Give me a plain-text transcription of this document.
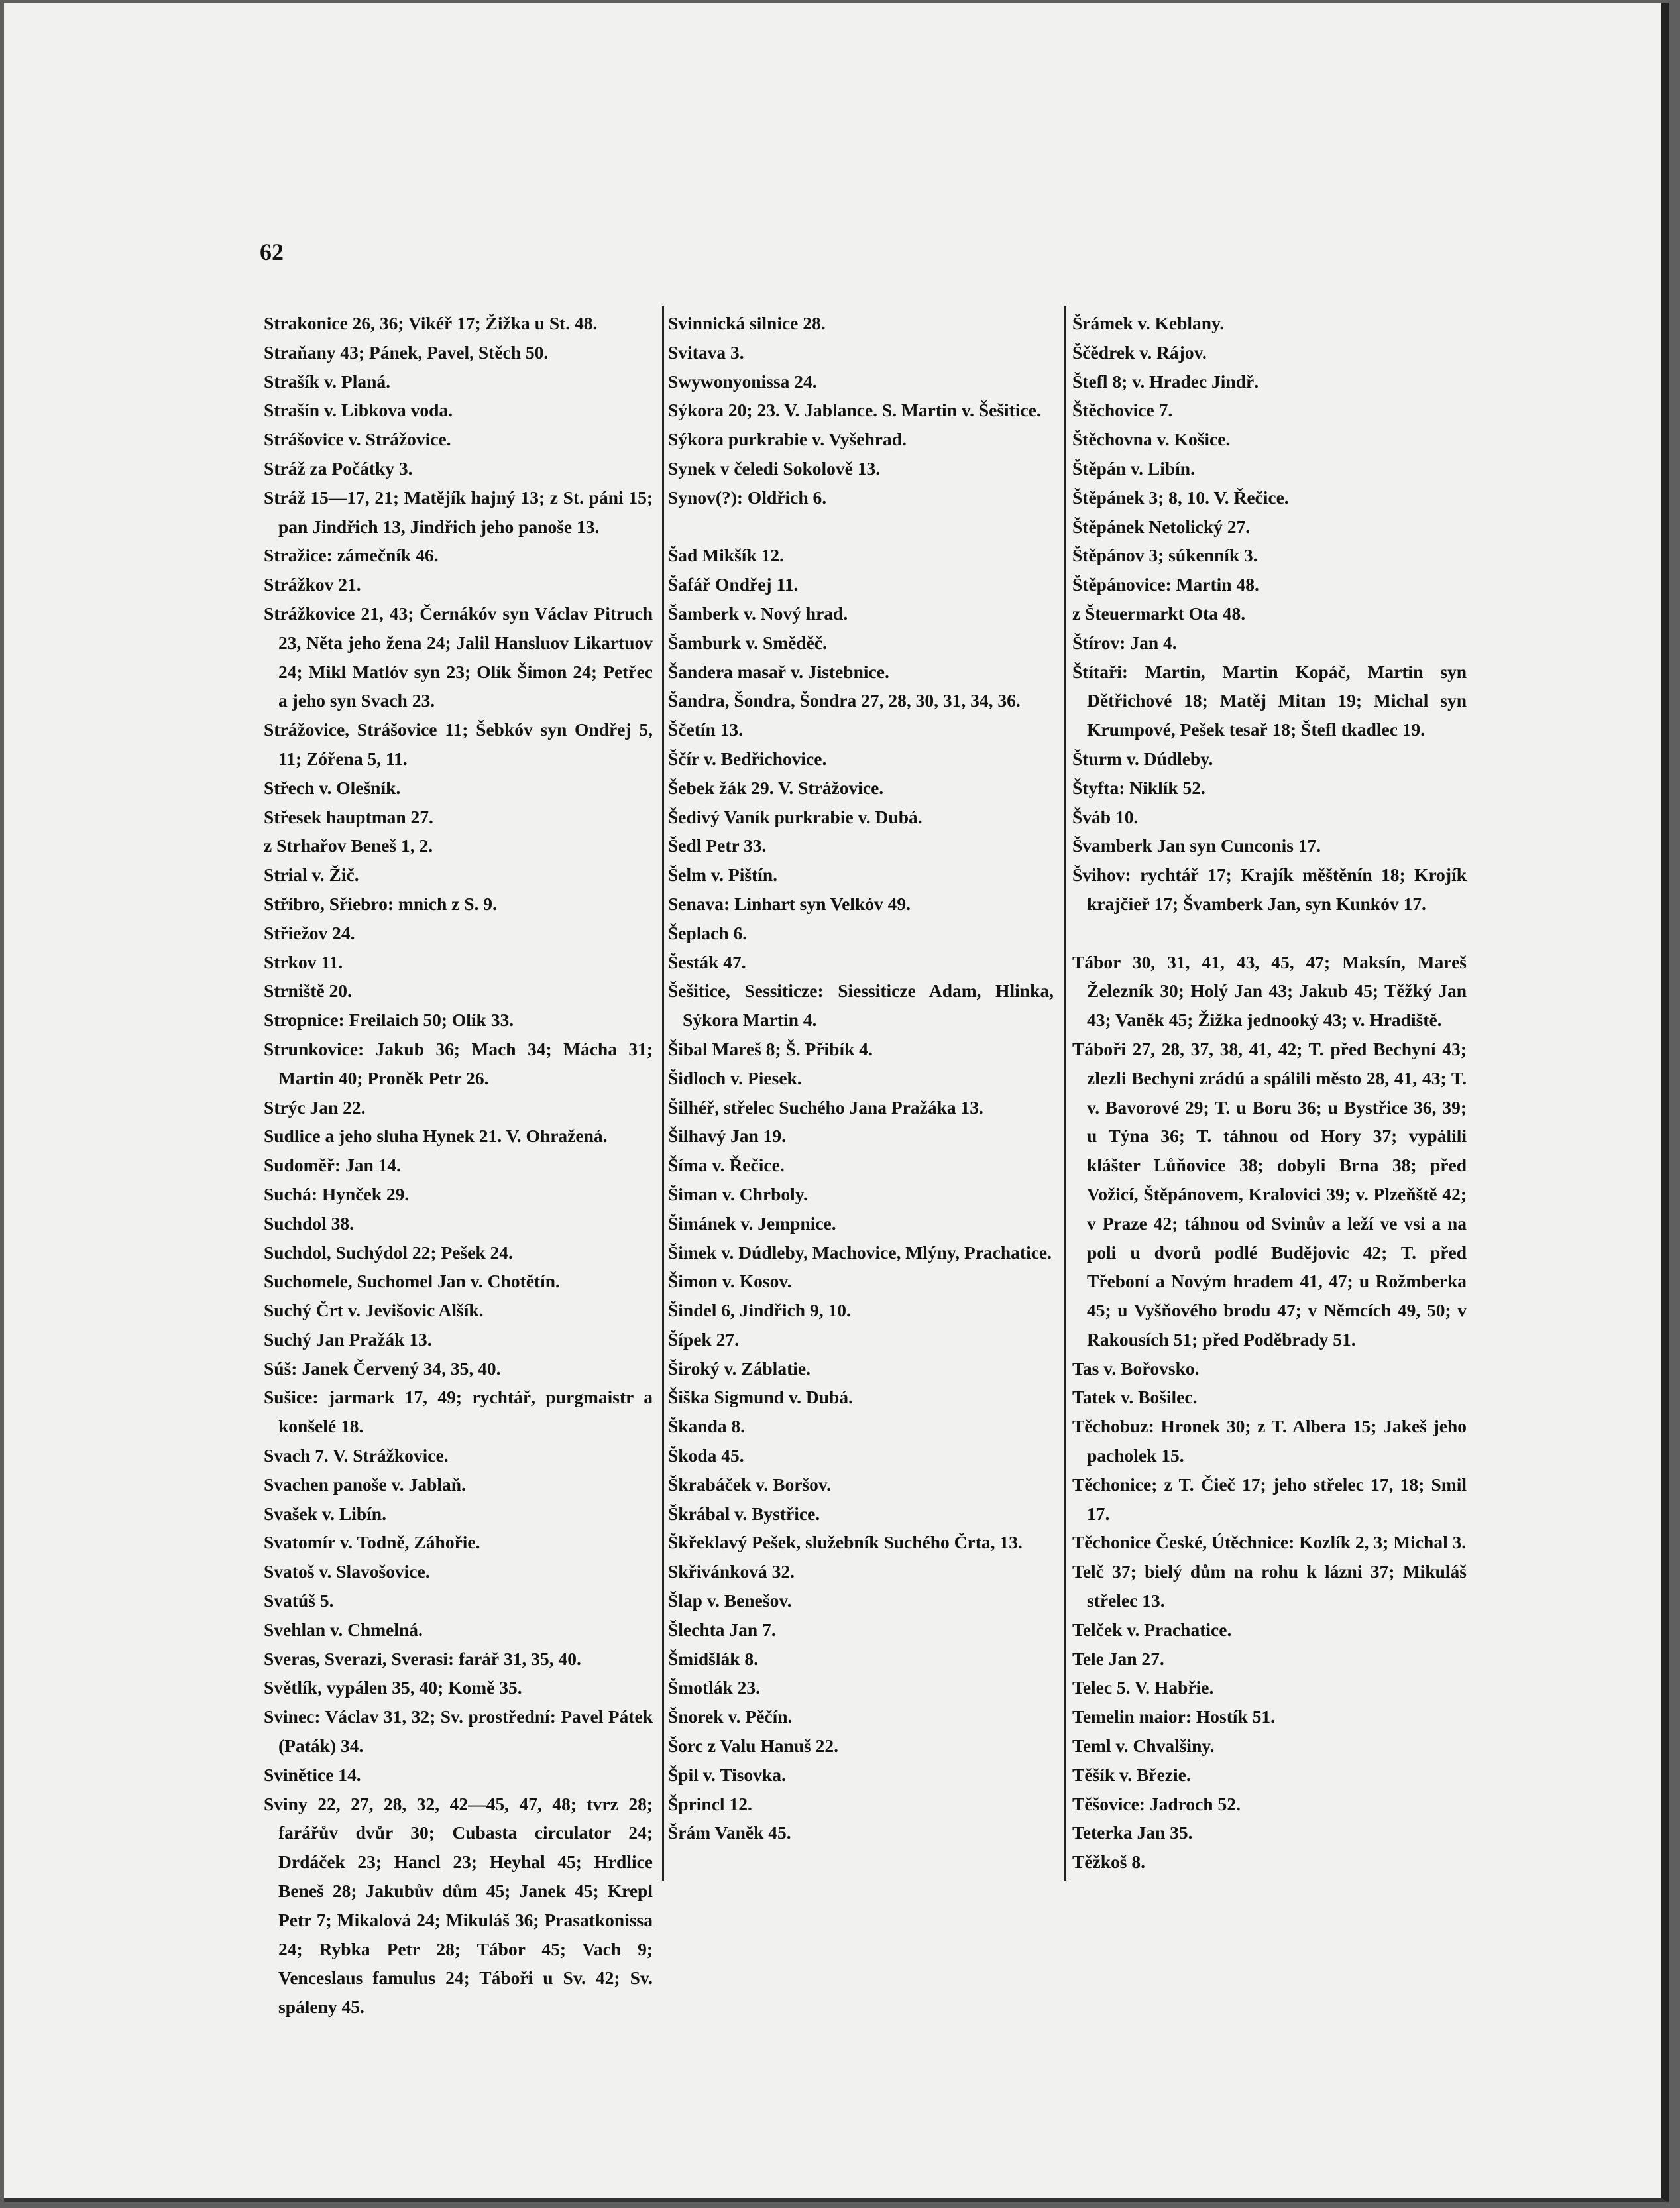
62

Strakonice 26, 36; Vikéř 17; Žižka u St. 48.

Straňany 43; Pánek, Pavel, Stěch 50.

Strašík v. Planá.

Strašín v. Libkova voda.

Strášovice v. Strážovice.

Stráž za Počátky 3.

Stráž 15—17, 21; Matějík hajný 13; z St. páni 15; pan Jindřich 13, Jindřich jeho panoše 13.

Stražice: zámečník 46.

Strážkov 21.

Strážkovice 21, 43; Černákóv syn Václav Pitruch 23, Něta jeho žena 24; Jalil Hansluov Likartuov 24; Mikl Matlóv syn 23; Olík Šimon 24; Petřec a jeho syn Svach 23.

Strážovice, Strášovice 11; Šebkóv syn Ondřej 5, 11; Zóřena 5, 11.

Střech v. Olešník.

Střesek hauptman 27.

z Strhařov Beneš 1, 2.

Strial v. Žič.

Stříbro, Sřiebro: mnich z S. 9.

Střiežov 24.

Strkov 11.

Strniště 20.

Stropnice: Freilaich 50; Olík 33.

Strunkovice: Jakub 36; Mach 34; Mácha 31; Martin 40; Proněk Petr 26.

Strýc Jan 22.

Sudlice a jeho sluha Hynek 21. V. Ohražená.

Sudoměř: Jan 14.

Suchá: Hynček 29.

Suchdol 38.

Suchdol, Suchýdol 22; Pešek 24.

Suchomele, Suchomel Jan v. Chotětín.

Suchý Črt v. Jevišovic Alšík.

Suchý Jan Pražák 13.

Súš: Janek Červený 34, 35, 40.

Sušice: jarmark 17, 49; rychtář, purgmaistr a konšelé 18.

Svach 7. V. Strážkovice.

Svachen panoše v. Jablaň.

Svašek v. Libín.

Svatomír v. Todně, Záhořie.

Svatoš v. Slavošovice.

Svatúš 5.

Svehlan v. Chmelná.

Sveras, Sverazi, Sverasi: farář 31, 35, 40.

Světlík, vypálen 35, 40; Komě 35.

Svinec: Václav 31, 32; Sv. prostřední: Pavel Pátek (Paták) 34.

Svinětice 14.

Sviny 22, 27, 28, 32, 42—45, 47, 48; tvrz 28; farářův dvůr 30; Cubasta circulator 24; Drdáček 23; Hancl 23; Heyhal 45; Hrdlice Beneš 28; Jakubův dům 45; Janek 45; Krepl Petr 7; Mikalová 24; Mikuláš 36; Prasatkonissa 24; Rybka Petr 28; Tábor 45; Vach 9; Venceslaus famulus 24; Táboři u Sv. 42; Sv. spáleny 45.

Svinnická silnice 28.

Svitava 3.

Swywonyonissa 24.

Sýkora 20; 23. V. Jablance. S. Martin v. Šešitice.

Sýkora purkrabie v. Vyšehrad.

Synek v čeledi Sokolově 13.

Synov(?): Oldřich 6.

Šad Mikšík 12.

Šafář Ondřej 11.

Šamberk v. Nový hrad.

Šamburk v. Směděč.

Šandera masař v. Jistebnice.

Šandra, Šondra, Šondra 27, 28, 30, 31, 34, 36.

Ščetín 13.

Ščír v. Bedřichovice.

Šebek žák 29. V. Strážovice.

Šedivý Vaník purkrabie v. Dubá.

Šedl Petr 33.

Šelm v. Pištín.

Senava: Linhart syn Velkóv 49.

Šeplach 6.

Šesták 47.

Šešitice, Sessiticze: Siessiticze Adam, Hlinka, Sýkora Martin 4.

Šibal Mareš 8; Š. Přibík 4.

Šidloch v. Piesek.

Šilhéř, střelec Suchého Jana Pražáka 13.

Šilhavý Jan 19.

Šíma v. Řečice.

Šiman v. Chrboly.

Šimánek v. Jempnice.

Šimek v. Dúdleby, Machovice, Mlýny, Prachatice.

Šimon v. Kosov.

Šindel 6, Jindřich 9, 10.

Šípek 27.

Široký v. Záblatie.

Šiška Sigmund v. Dubá.

Škanda 8.

Škoda 45.

Škrabáček v. Boršov.

Škrábal v. Bystřice.

Škřeklavý Pešek, služebník Suchého Črta, 13.

Skřivánková 32.

Šlap v. Benešov.

Šlechta Jan 7.

Šmidšlák 8.

Šmotlák 23.

Šnorek v. Pěčín.

Šorc z Valu Hanuš 22.

Špil v. Tisovka.

Šprincl 12.

Šrám Vaněk 45.

Šrámek v. Keblany.

Ščědrek v. Rájov.

Štefl 8; v. Hradec Jindř.

Štěchovice 7.

Štěchovna v. Košice.

Štěpán v. Libín.

Štěpánek 3; 8, 10. V. Řečice.

Štěpánek Netolický 27.

Štěpánov 3; súkenník 3.

Štěpánovice: Martin 48.

z Šteuermarkt Ota 48.

Štírov: Jan 4.

Štítaři: Martin, Martin Kopáč, Martin syn Dětřichové 18; Matěj Mitan 19; Michal syn Krumpové, Pešek tesař 18; Štefl tkadlec 19.

Šturm v. Dúdleby.

Štyfta: Niklík 52.

Šváb 10.

Švamberk Jan syn Cunconis 17.

Švihov: rychtář 17; Krajík měštěnín 18; Krojík krajčieř 17; Švamberk Jan, syn Kunkóv 17.

Tábor 30, 31, 41, 43, 45, 47; Maksín, Mareš Železník 30; Holý Jan 43; Jakub 45; Těžký Jan 43; Vaněk 45; Žižka jednooký 43; v. Hradiště.

Táboři 27, 28, 37, 38, 41, 42; T. před Bechyní 43; zlezli Bechyni zrádú a spálili město 28, 41, 43; T. v. Bavorové 29; T. u Boru 36; u Bystřice 36, 39; u Týna 36; T. táhnou od Hory 37; vypálili klášter Lůňovice 38; dobyli Brna 38; před Vožicí, Štěpánovem, Kralovici 39; v. Plzeňště 42; v Praze 42; táhnou od Svinův a leží ve vsi a na poli u dvorů podlé Budějovic 42; T. před Třeboní a Novým hradem 41, 47; u Rožmberka 45; u Vyšňového brodu 47; v Němcích 49, 50; v Rakousích 51; před Poděbrady 51.

Tas v. Bořovsko.

Tatek v. Bošilec.

Těchobuz: Hronek 30; z T. Albera 15; Jakeš jeho pacholek 15.

Těchonice; z T. Čieč 17; jeho střelec 17, 18; Smil 17.

Těchonice České, Útěchnice: Kozlík 2, 3; Michal 3.

Telč 37; bielý dům na rohu k lázni 37; Mikuláš střelec 13.

Telček v. Prachatice.

Tele Jan 27.

Telec 5. V. Habřie.

Temelin maior: Hostík 51.

Teml v. Chvalšiny.

Těšík v. Březie.

Těšovice: Jadroch 52.

Teterka Jan 35.

Těžkoš 8.
